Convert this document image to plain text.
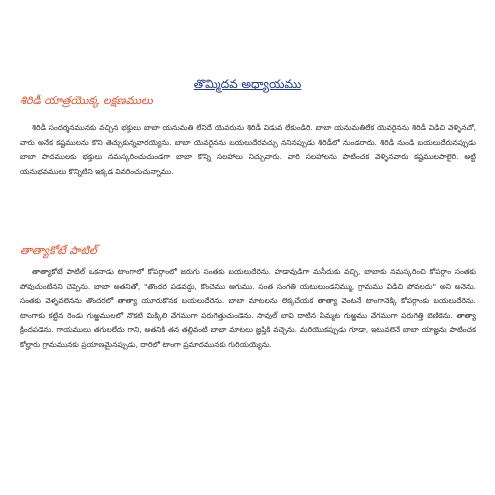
తొమ్మిదవ అధ్యాయము
శిరిడీ యాత్రయొక్క లక్షణములు
శిరిడీ సందర్శనమునకు వచ్చిన భక్తులు బాబా యనుమతి లేనిదే యెవరును శిరిడీ విడువ లేకుండిరి. బాబా యనుమతిలేక యెవరైనను శిరిడీ విడిచి వెళ్ళినచో, వారు అనేక కష్టములను కొని తెచ్చుకున్నవారయ్యెను. బాబా యెవరైనను బయలుదేరవచ్చు ననినప్పుడు శిరిడీలో నుండరాదు. శిరిడీ నుండి బయలుదేరునప్పుడు బాబా పాదములకు భక్తులు నమస్కరించుచుండగా బాబా కొన్ని సలహాలు నిచ్చువారు. వారి సలహాలను పాటించక వెళ్ళినవారు కష్టములపాలైరి. అట్టి యనుభవములు కొన్నిటిని ఇక్కడ వివరించుచున్నాము.
తాత్యాకోటే పాటిల్
తాత్యాకోటే పాటిల్ ఒకనాడు టాంగాలో కోపర్గాంలో జరుగు సంతకు బయలుదేరెను. హడావుడిగా మసీదుకు వచ్చి, బాబాకు నమస్కరించి కోపర్గాం సంతకు పోవుచుంటినని చెప్పెను. బాబా అతనితో, "తొందర పడవద్దు, కొంచెము ఆగుము. సంత సంగతి యటులుండనిమ్ము, గ్రామము విడిచి పోవలదు" అని అనెను. సంతకు వెళ్ళవలెనను తొందరలో తాత్యా యూరుకొనక బయలుదేరెను. బాబా మాటలను లెక్కచేయక తాత్యా వెంటనే టాంగానెక్కి కోపర్గాంకు బయలుదేరెను. టాంగాకు కట్టిన రెండు గుఱ్ఱములలో నొకటి మిక్కిలి వేగముగా పరుగెత్తుచుండెను. సావుల్ బావి దాటిన పిమ్మట గుఱ్ఱము వేగముగా పరుగెత్తి బెణికెను. తాత్యా క్రిందపడెను. గాయములు తగులలేదు గాని, అతనికి తన తల్లివంటి బాబా మాటలు జ్ఞప్తికి వచ్చెను. మరియొకప్పుడు గూడా, ఇటువలెనే బాబా యాజ్ఞను పాటించక కోల్హారు గ్రామమునకు ప్రయాణమైనప్పుడు, దారిలో టాంగా ప్రమాదమునకు గురియయ్యెను.
